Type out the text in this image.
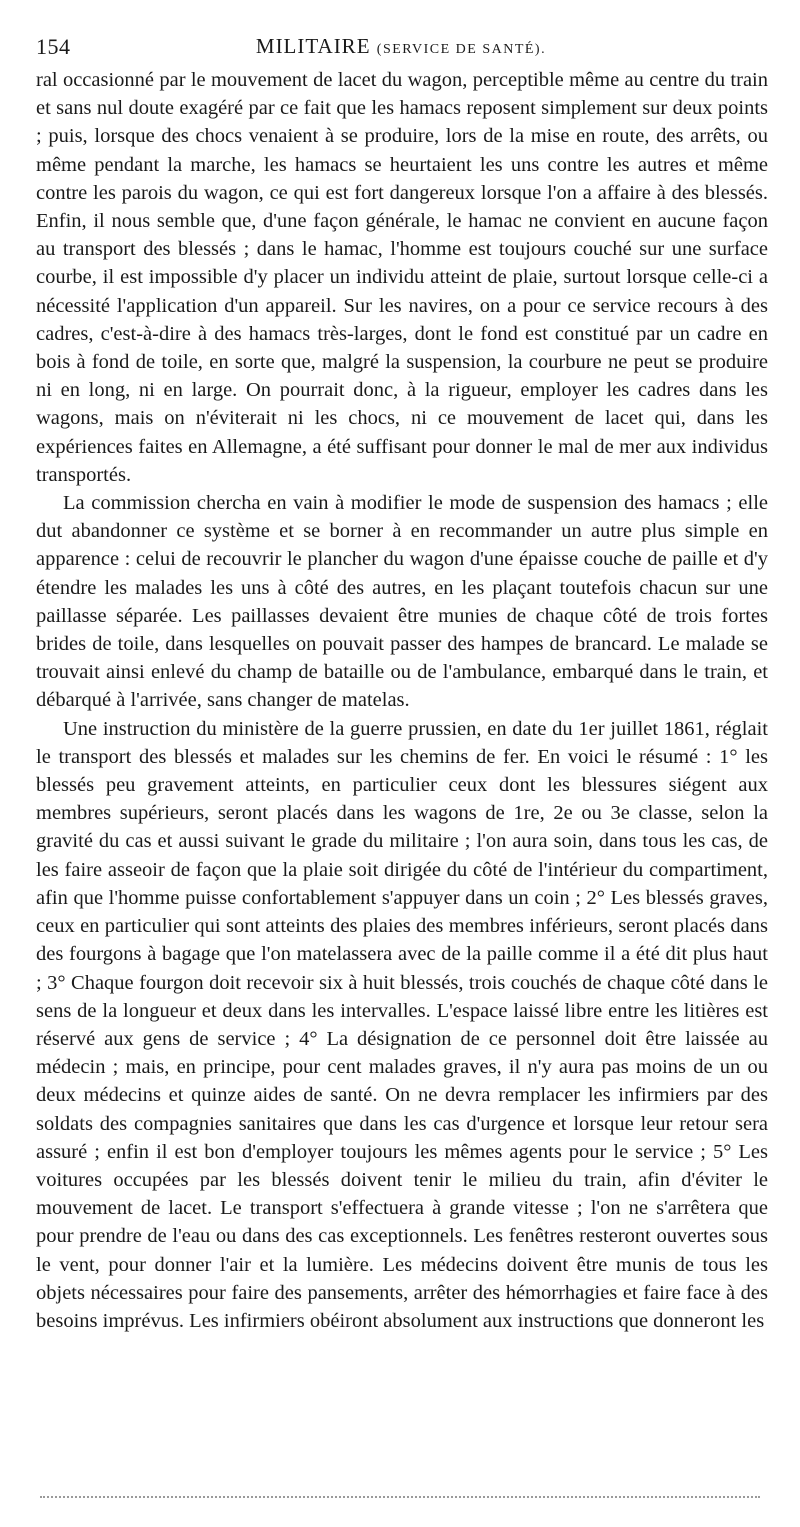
154	MILITAIRE (SERVICE DE SANTÉ).

ral occasionné par le mouvement de lacet du wagon, perceptible même au centre du train et sans nul doute exagéré par ce fait que les hamacs reposent simplement sur deux points ; puis, lorsque des chocs venaient à se produire, lors de la mise en route, des arrêts, ou même pendant la marche, les hamacs se heurtaient les uns contre les autres et même contre les parois du wagon, ce qui est fort dangereux lorsque l'on a affaire à des blessés. Enfin, il nous semble que, d'une façon générale, le hamac ne convient en aucune façon au transport des blessés ; dans le hamac, l'homme est toujours couché sur une surface courbe, il est impossible d'y placer un individu atteint de plaie, surtout lorsque celle-ci a nécessité l'application d'un appareil. Sur les navires, on a pour ce service recours à des cadres, c'est-à-dire à des hamacs très-larges, dont le fond est constitué par un cadre en bois à fond de toile, en sorte que, malgré la suspension, la courbure ne peut se produire ni en long, ni en large. On pourrait donc, à la rigueur, employer les cadres dans les wagons, mais on n'éviterait ni les chocs, ni ce mouvement de lacet qui, dans les expériences faites en Allemagne, a été suffisant pour donner le mal de mer aux individus transportés.

La commission chercha en vain à modifier le mode de suspension des hamacs ; elle dut abandonner ce système et se borner à en recommander un autre plus simple en apparence : celui de recouvrir le plancher du wagon d'une épaisse couche de paille et d'y étendre les malades les uns à côté des autres, en les plaçant toutefois chacun sur une paillasse séparée. Les paillasses devaient être munies de chaque côté de trois fortes brides de toile, dans lesquelles on pouvait passer des hampes de brancard. Le malade se trouvait ainsi enlevé du champ de bataille ou de l'ambulance, embarqué dans le train, et débarqué à l'arrivée, sans changer de matelas.

Une instruction du ministère de la guerre prussien, en date du 1er juillet 1861, réglait le transport des blessés et malades sur les chemins de fer. En voici le résumé : 1° les blessés peu gravement atteints, en particulier ceux dont les blessures siégent aux membres supérieurs, seront placés dans les wagons de 1re, 2e ou 3e classe, selon la gravité du cas et aussi suivant le grade du militaire ; l'on aura soin, dans tous les cas, de les faire asseoir de façon que la plaie soit dirigée du côté de l'intérieur du compartiment, afin que l'homme puisse confortablement s'appuyer dans un coin ; 2° Les blessés graves, ceux en particulier qui sont atteints des plaies des membres inférieurs, seront placés dans des fourgons à bagage que l'on matelassera avec de la paille comme il a été dit plus haut ; 3° Chaque fourgon doit recevoir six à huit blessés, trois couchés de chaque côté dans le sens de la longueur et deux dans les intervalles. L'espace laissé libre entre les litières est réservé aux gens de service ; 4° La désignation de ce personnel doit être laissée au médecin ; mais, en principe, pour cent malades graves, il n'y aura pas moins de un ou deux médecins et quinze aides de santé. On ne devra remplacer les infirmiers par des soldats des compagnies sanitaires que dans les cas d'urgence et lorsque leur retour sera assuré ; enfin il est bon d'employer toujours les mêmes agents pour le service ; 5° Les voitures occupées par les blessés doivent tenir le milieu du train, afin d'éviter le mouvement de lacet. Le transport s'effectuera à grande vitesse ; l'on ne s'arrêtera que pour prendre de l'eau ou dans des cas exceptionnels. Les fenêtres resteront ouvertes sous le vent, pour donner l'air et la lumière. Les médecins doivent être munis de tous les objets nécessaires pour faire des pansements, arrêter des hémorrhagies et faire face à des besoins imprévus. Les infirmiers obéiront absolument aux instructions que donneront les
